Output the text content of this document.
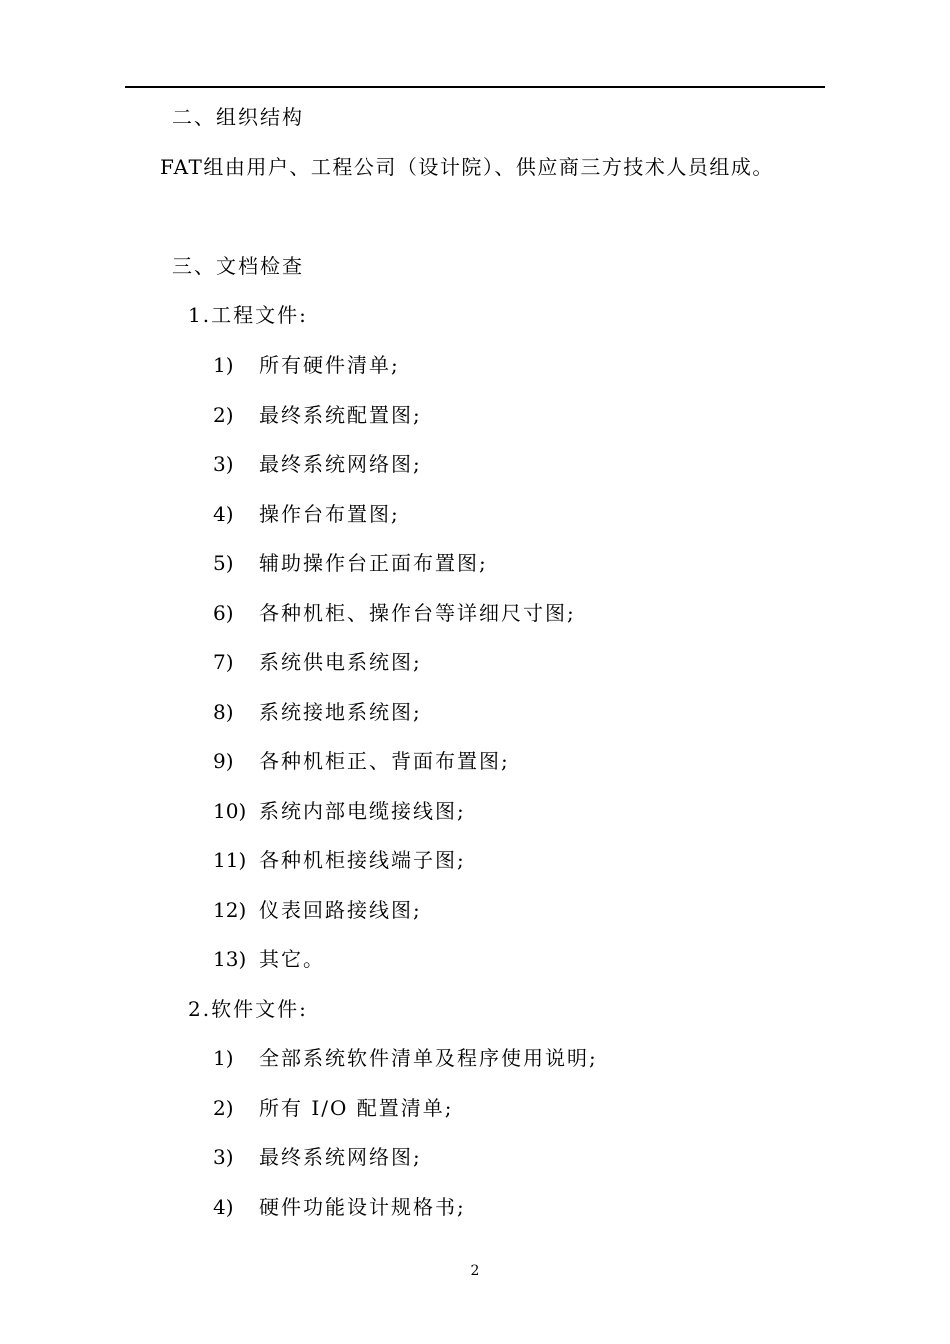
二、组织结构
FAT组由用户、工程公司（设计院）、供应商三方技术人员组成。
三、文档检查
1.工程文件:
1) 所有硬件清单;
2) 最终系统配置图;
3) 最终系统网络图;
4) 操作台布置图;
5) 辅助操作台正面布置图;
6) 各种机柜、操作台等详细尺寸图;
7) 系统供电系统图;
8) 系统接地系统图;
9) 各种机柜正、背面布置图;
10) 系统内部电缆接线图;
11) 各种机柜接线端子图;
12) 仪表回路接线图;
13) 其它。
2.软件文件:
1) 全部系统软件清单及程序使用说明;
2) 所有 I/O 配置清单;
3) 最终系统网络图;
4) 硬件功能设计规格书;
2
